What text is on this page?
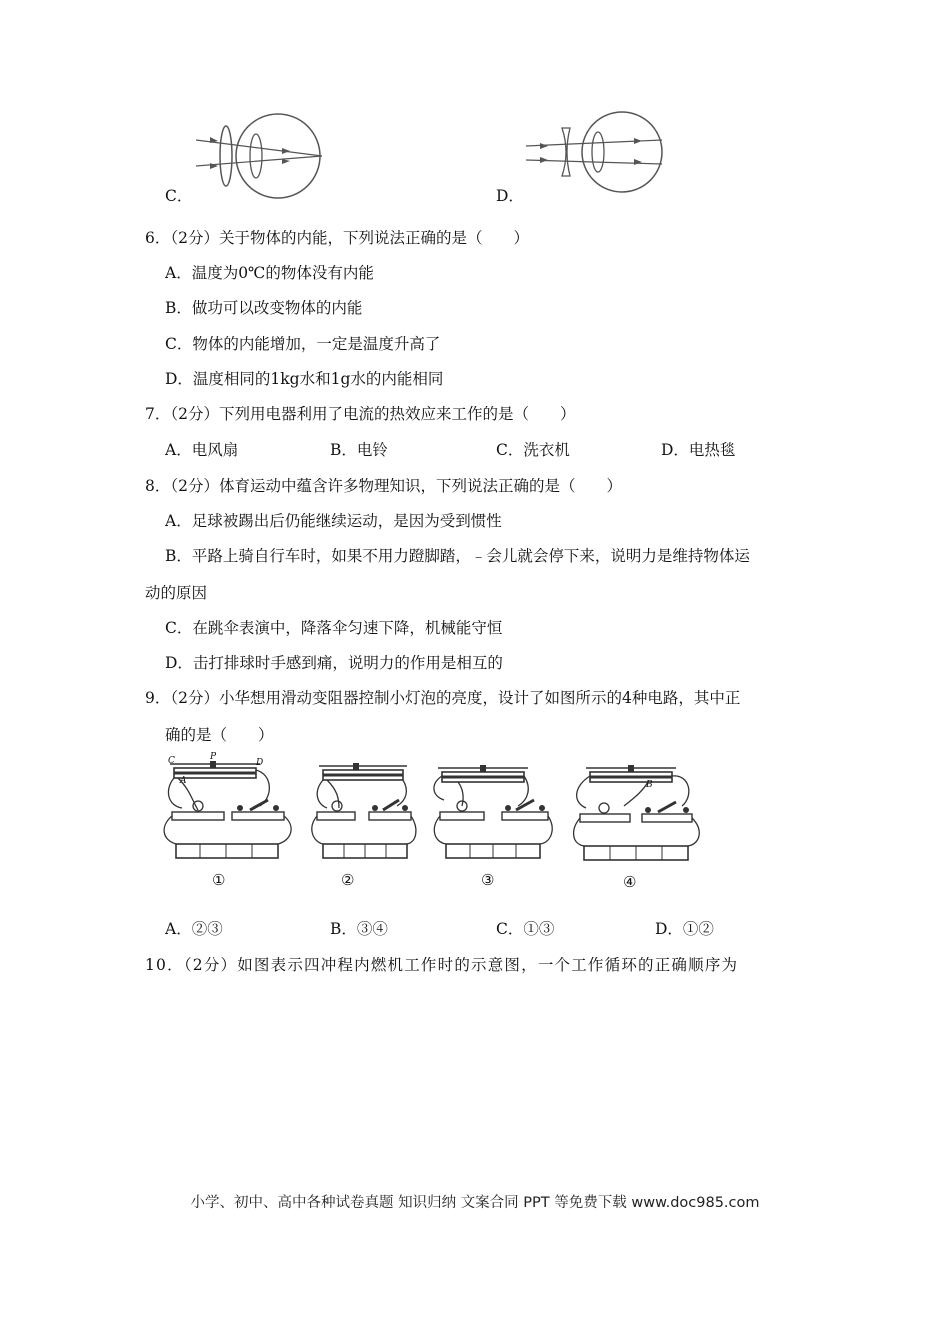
C．	D．
6．（2分）关于物体的内能，下列说法正确的是（　　）
A．温度为0℃的物体没有内能
B．做功可以改变物体的内能
C．物体的内能增加，一定是温度升高了
D．温度相同的1kg水和1g水的内能相同
7．（2分）下列用电器利用了电流的热效应来工作的是（　　）
A．电风扇	B．电铃	C．洗衣机	D．电热毯
8．（2分）体育运动中蕴含许多物理知识，下列说法正确的是（　　）
A．足球被踢出后仍能继续运动，是因为受到惯性
B．平路上骑自行车时，如果不用力蹬脚踏，﹣会儿就会停下来，说明力是维持物体运
动的原因
C．在跳伞表演中，降落伞匀速下降，机械能守恒
D．击打排球时手感到痛，说明力的作用是相互的
9．（2分）小华想用滑动变阻器控制小灯泡的亮度，设计了如图所示的4种电路，其中正
确的是（　　）
C	P
D
A
①	②	③
B
④
A．②③	B．③④	C．①③	D．①②
10．（2分）如图表示四冲程内燃机工作时的示意图，一个工作循环的正确顺序为
小学、初中、高中各种试卷真题 知识归纳 文案合同 PPT 等免费下载 www.doc985.com
